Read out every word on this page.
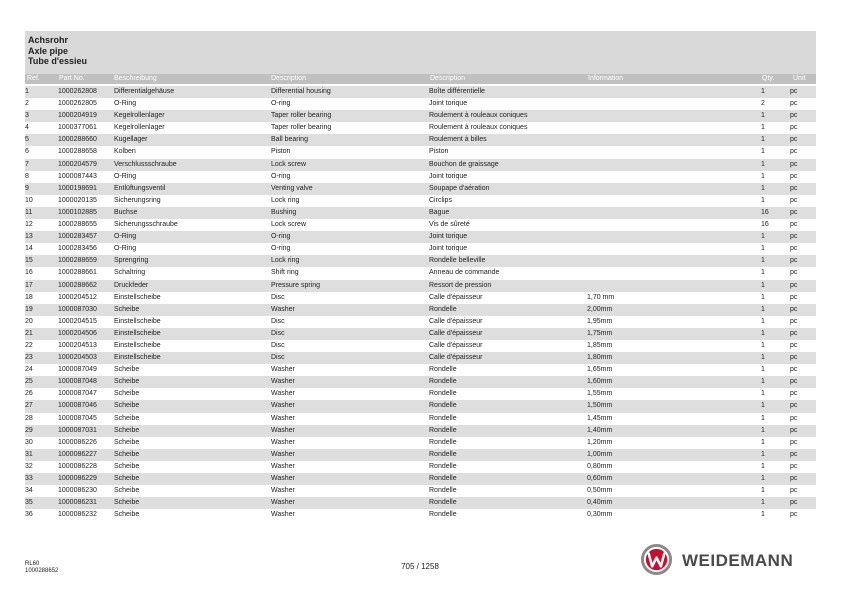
Achsrohr
Axle pipe
Tube d'essieu
Ref.	Part No.	Beschreibung	Description	Description	Information	Qty.	Unit
1	1000262808	Differentialgehäuse	Differential housing	Boîte différentielle		1	pc
2	1000262805	O-Ring	O-ring	Joint torique		2	pc
3	1000204919	Kegelrollenlager	Taper roller bearing	Roulement à rouleaux coniques		1	pc
4	1000377061	Kegelrollenlager	Taper roller bearing	Roulement à rouleaux coniques		1	pc
5	1000288660	Kugellager	Ball bearing	Roulement à billes		1	pc
6	1000288658	Kolben	Piston	Piston		1	pc
7	1000204579	Verschlussschraube	Lock screw	Bouchon de graissage		1	pc
8	1000087443	O-Ring	O-ring	Joint torique		1	pc
9	1000198691	Entlüftungsventil	Venting valve	Soupape d'aération		1	pc
10	1000020135	Sicherungsring	Lock ring	Circlips		1	pc
11	1000102885	Buchse	Bushing	Bague		16	pc
12	1000288655	Sicherungsschraube	Lock screw	Vis de sûreté		16	pc
13	1000283457	O-Ring	O-ring	Joint torique		1	pc
14	1000283456	O-Ring	O-ring	Joint torique		1	pc
15	1000288659	Sprengring	Lock ring	Rondelle belleville		1	pc
16	1000288661	Schaltring	Shift ring	Anneau de commande		1	pc
17	1000288662	Druckfeder	Pressure spring	Ressort de pression		1	pc
18	1000204512	Einstellscheibe	Disc	Calle d'épaisseur	1,70 mm	1	pc
19	1000087030	Scheibe	Washer	Rondelle	2,00mm	1	pc
20	1000204515	Einstellscheibe	Disc	Calle d'épaisseur	1,95mm	1	pc
21	1000204506	Einstellscheibe	Disc	Calle d'épaisseur	1,75mm	1	pc
22	1000204513	Einstellscheibe	Disc	Calle d'épaisseur	1,85mm	1	pc
23	1000204503	Einstellscheibe	Disc	Calle d'épaisseur	1,80mm	1	pc
24	1000087049	Scheibe	Washer	Rondelle	1,65mm	1	pc
25	1000087048	Scheibe	Washer	Rondelle	1,60mm	1	pc
26	1000087047	Scheibe	Washer	Rondelle	1,55mm	1	pc
27	1000087046	Scheibe	Washer	Rondelle	1,50mm	1	pc
28	1000087045	Scheibe	Washer	Rondelle	1,45mm	1	pc
29	1000087031	Scheibe	Washer	Rondelle	1,40mm	1	pc
30	1000086226	Scheibe	Washer	Rondelle	1,20mm	1	pc
31	1000086227	Scheibe	Washer	Rondelle	1,00mm	1	pc
32	1000086228	Scheibe	Washer	Rondelle	0,80mm	1	pc
33	1000086229	Scheibe	Washer	Rondelle	0,60mm	1	pc
34	1000086230	Scheibe	Washer	Rondelle	0,50mm	1	pc
35	1000086231	Scheibe	Washer	Rondelle	0,40mm	1	pc
36	1000086232	Scheibe	Washer	Rondelle	0,30mm	1	pc
RL60
1000288652	705 / 1258	WEIDEMANN
